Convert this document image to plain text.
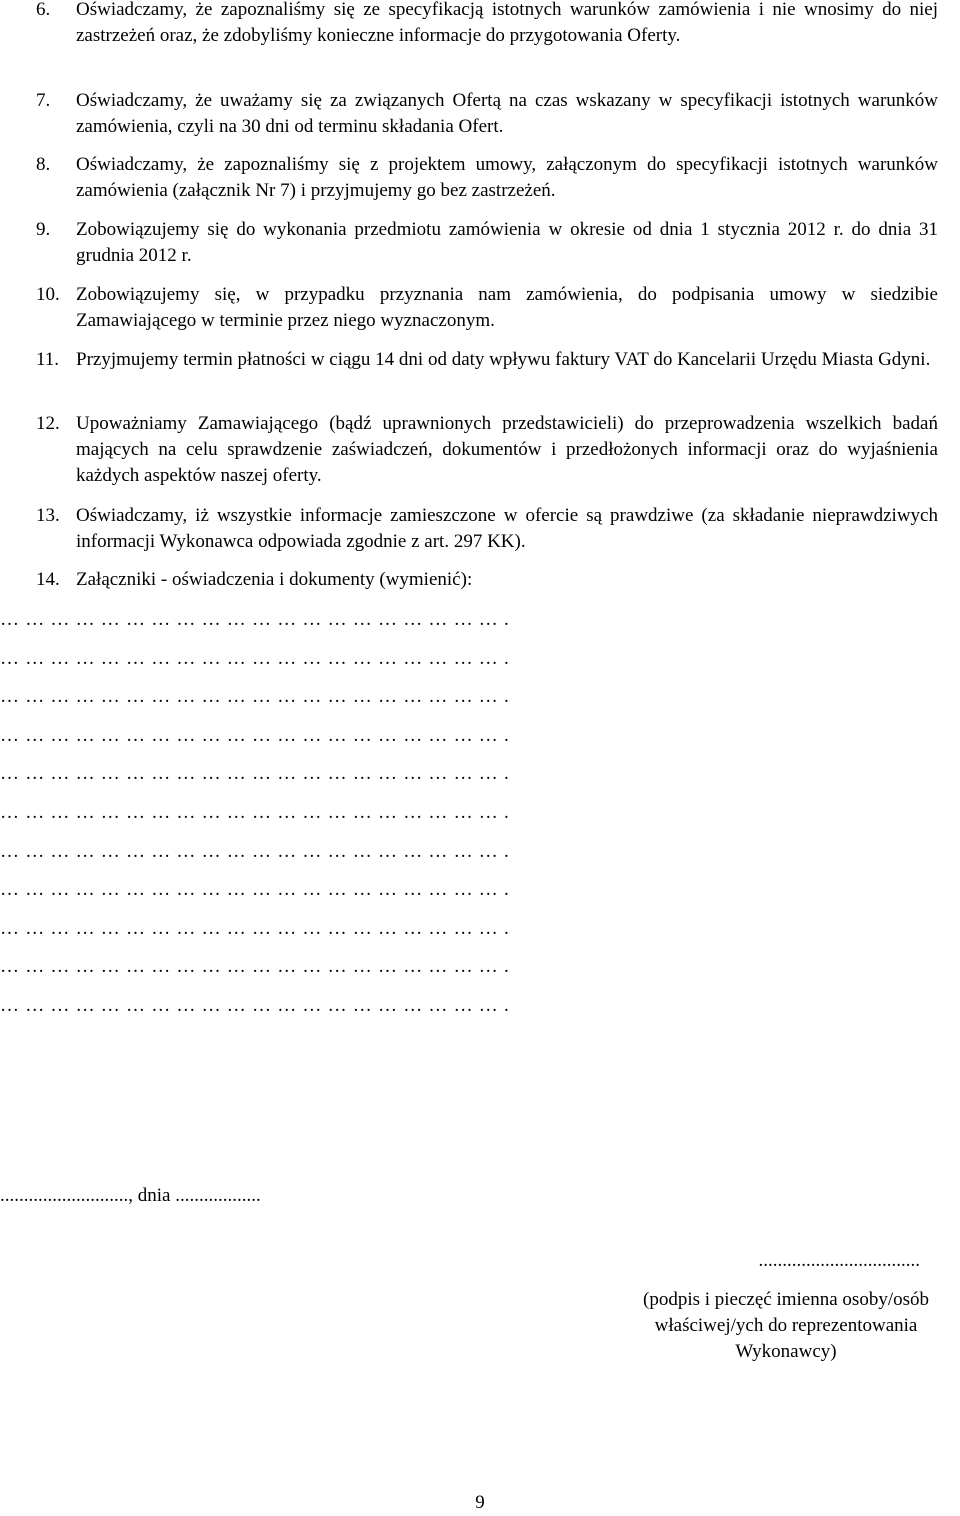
6.	Oświadczamy, że zapoznaliśmy się ze specyfikacją istotnych warunków zamówienia i nie wnosimy do niej zastrzeżeń oraz, że zdobyliśmy konieczne informacje do przygotowania Oferty.
7.	Oświadczamy, że uważamy się za związanych Ofertą na czas wskazany w specyfikacji istotnych warunków zamówienia, czyli na 30 dni od terminu składania Ofert.
8.	Oświadczamy, że zapoznaliśmy się z projektem umowy, załączonym do specyfikacji istotnych warunków zamówienia (załącznik Nr 7) i przyjmujemy go bez zastrzeżeń.
9.	Zobowiązujemy się do wykonania przedmiotu zamówienia w okresie od dnia 1 stycznia 2012 r. do dnia 31 grudnia 2012 r.
10. Zobowiązujemy się, w przypadku przyznania nam zamówienia, do podpisania umowy w siedzibie Zamawiającego w terminie przez niego wyznaczonym.
11. Przyjmujemy termin płatności w ciągu 14 dni od daty wpływu faktury VAT do Kancelarii Urzędu Miasta Gdyni.
12. Upoważniamy Zamawiającego (bądź uprawnionych przedstawicieli) do przeprowadzenia wszelkich badań mających na celu sprawdzenie zaświadczeń, dokumentów i przedłożonych informacji oraz do wyjaśnienia każdych aspektów naszej oferty.
13. Oświadczamy, iż wszystkie informacje zamieszczone w ofercie są prawdziwe (za składanie nieprawdziwych informacji Wykonawca odpowiada zgodnie z art. 297 KK).
14. Załączniki - oświadczenia i dokumenty (wymienić):
…………………………………………………….
…………………………………………………….
…………………………………………………….
…………………………………………………….
…………………………………………………….
…………………………………………………….
…………………………………………………….
…………………………………………………….
…………………………………………………….
…………………………………………………….
…………………………………………………….
..........................., dnia ..................
..................................
(podpis i pieczęć imienna osoby/osób
właściwej/ych do reprezentowania
Wykonawcy)
9
